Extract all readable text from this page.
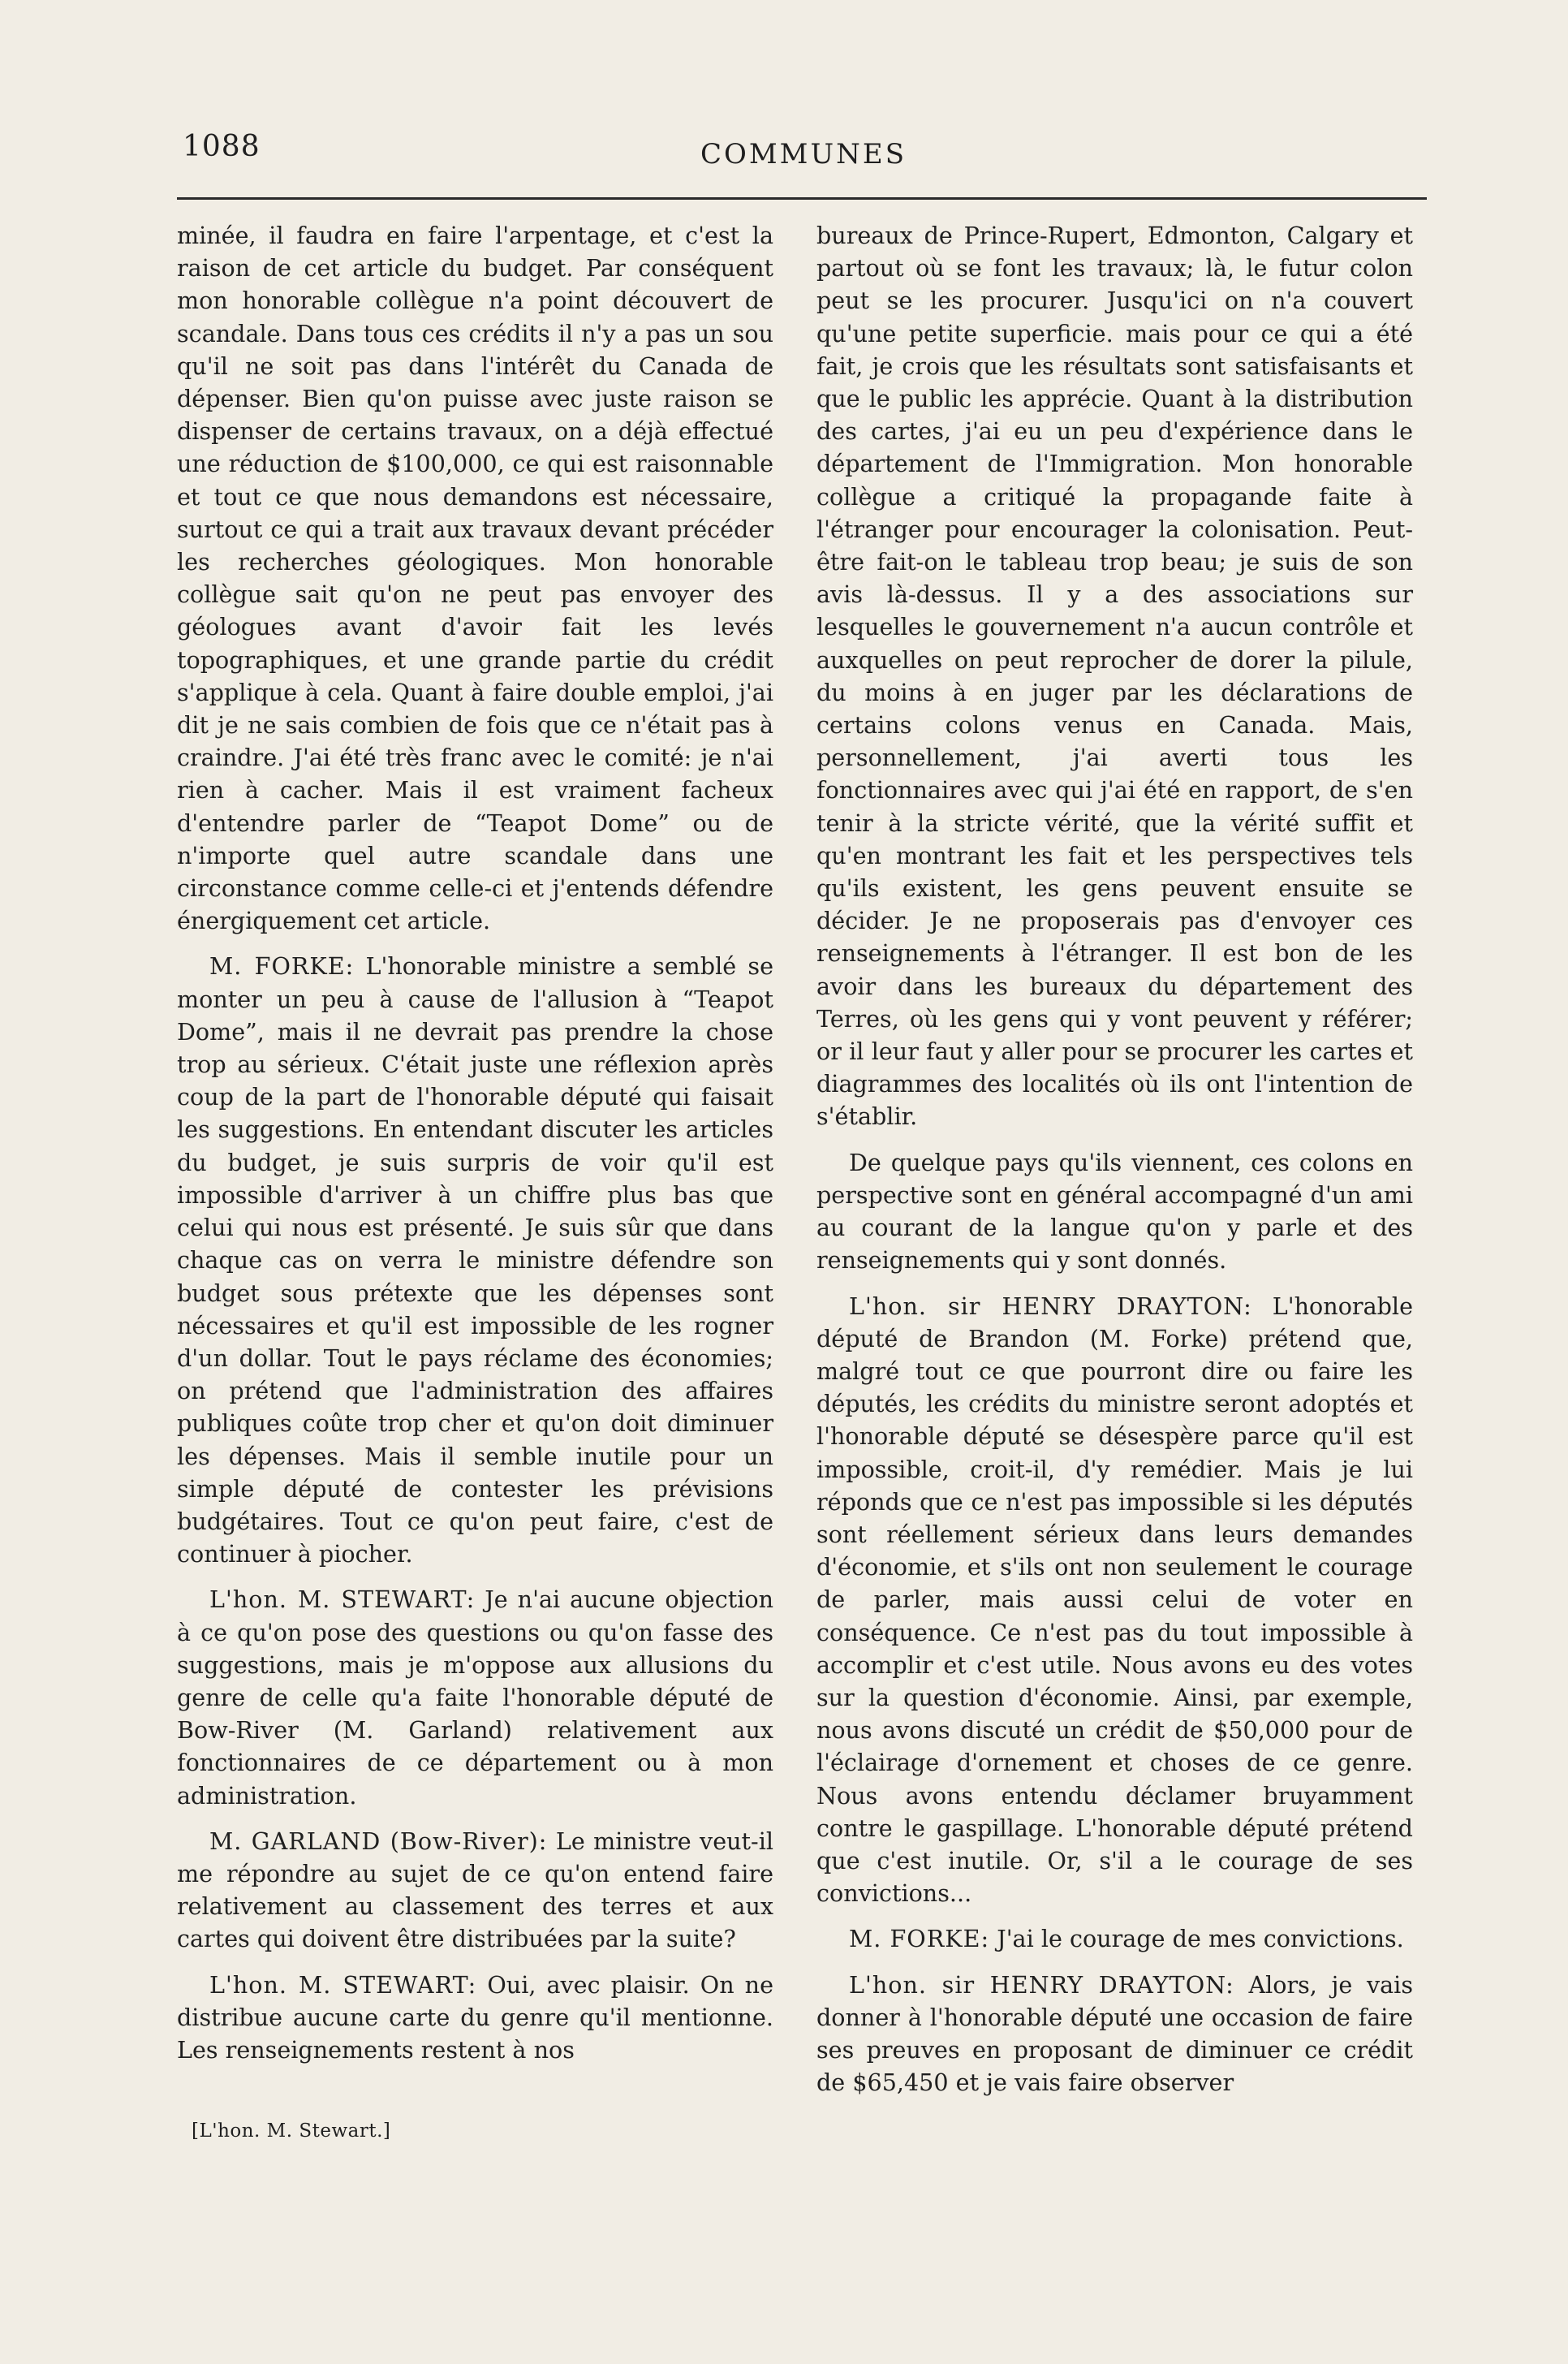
1088	COMMUNES

minée, il faudra en faire l'arpentage, et c'est la raison de cet article du budget. Par conséquent mon honorable collègue n'a point découvert de scandale. Dans tous ces crédits il n'y a pas un sou qu'il ne soit pas dans l'intérêt du Canada de dépenser. Bien qu'on puisse avec juste raison se dispenser de certains travaux, on a déjà effectué une réduction de $100,000, ce qui est raisonnable et tout ce que nous demandons est nécessaire, surtout ce qui a trait aux travaux devant précéder les recherches géologiques. Mon honorable collègue sait qu'on ne peut pas envoyer des géologues avant d'avoir fait les levés topographiques, et une grande partie du crédit s'applique à cela. Quant à faire double emploi, j'ai dit je ne sais combien de fois que ce n'était pas à craindre. J'ai été très franc avec le comité: je n'ai rien à cacher. Mais il est vraiment facheux d'entendre parler de “Teapot Dome” ou de n'importe quel autre scandale dans une circonstance comme celle-ci et j'entends défendre énergiquement cet article.

M. FORKE: L'honorable ministre a semblé se monter un peu à cause de l'allusion à “Teapot Dome”, mais il ne devrait pas prendre la chose trop au sérieux. C'était juste une réflexion après coup de la part de l'honorable député qui faisait les suggestions. En entendant discuter les articles du budget, je suis surpris de voir qu'il est impossible d'arriver à un chiffre plus bas que celui qui nous est présenté. Je suis sûr que dans chaque cas on verra le ministre défendre son budget sous prétexte que les dépenses sont nécessaires et qu'il est impossible de les rogner d'un dollar. Tout le pays réclame des économies; on prétend que l'administration des affaires publiques coûte trop cher et qu'on doit diminuer les dépenses. Mais il semble inutile pour un simple député de contester les prévisions budgétaires. Tout ce qu'on peut faire, c'est de continuer à piocher.

L'hon. M. STEWART: Je n'ai aucune objection à ce qu'on pose des questions ou qu'on fasse des suggestions, mais je m'oppose aux allusions du genre de celle qu'a faite l'honorable député de Bow-River (M. Garland) relativement aux fonctionnaires de ce département ou à mon administration.

M. GARLAND (Bow-River): Le ministre veut-il me répondre au sujet de ce qu'on entend faire relativement au classement des terres et aux cartes qui doivent être distribuées par la suite?

L'hon. M. STEWART: Oui, avec plaisir. On ne distribue aucune carte du genre qu'il mentionne. Les renseignements restent à nos

bureaux de Prince-Rupert, Edmonton, Calgary et partout où se font les travaux; là, le futur colon peut se les procurer. Jusqu'ici on n'a couvert qu'une petite superficie. mais pour ce qui a été fait, je crois que les résultats sont satisfaisants et que le public les apprécie. Quant à la distribution des cartes, j'ai eu un peu d'expérience dans le département de l'Immigration. Mon honorable collègue a critiqué la propagande faite à l'étranger pour encourager la colonisation. Peut-être fait-on le tableau trop beau; je suis de son avis là-dessus. Il y a des associations sur lesquelles le gouvernement n'a aucun contrôle et auxquelles on peut reprocher de dorer la pilule, du moins à en juger par les déclarations de certains colons venus en Canada. Mais, personnellement, j'ai averti tous les fonctionnaires avec qui j'ai été en rapport, de s'en tenir à la stricte vérité, que la vérité suffit et qu'en montrant les fait et les perspectives tels qu'ils existent, les gens peuvent ensuite se décider. Je ne proposerais pas d'envoyer ces renseignements à l'étranger. Il est bon de les avoir dans les bureaux du département des Terres, où les gens qui y vont peuvent y référer; or il leur faut y aller pour se procurer les cartes et diagrammes des localités où ils ont l'intention de s'établir.

De quelque pays qu'ils viennent, ces colons en perspective sont en général accompagné d'un ami au courant de la langue qu'on y parle et des renseignements qui y sont donnés.

L'hon. sir HENRY DRAYTON: L'honorable député de Brandon (M. Forke) prétend que, malgré tout ce que pourront dire ou faire les députés, les crédits du ministre seront adoptés et l'honorable député se désespère parce qu'il est impossible, croit-il, d'y remédier. Mais je lui réponds que ce n'est pas impossible si les députés sont réellement sérieux dans leurs demandes d'économie, et s'ils ont non seulement le courage de parler, mais aussi celui de voter en conséquence. Ce n'est pas du tout impossible à accomplir et c'est utile. Nous avons eu des votes sur la question d'économie. Ainsi, par exemple, nous avons discuté un crédit de $50,000 pour de l'éclairage d'ornement et choses de ce genre. Nous avons entendu déclamer bruyamment contre le gaspillage. L'honorable député prétend que c'est inutile. Or, s'il a le courage de ses convictions...

M. FORKE: J'ai le courage de mes convictions.

L'hon. sir HENRY DRAYTON: Alors, je vais donner à l'honorable député une occasion de faire ses preuves en proposant de diminuer ce crédit de $65,450 et je vais faire observer

[L'hon. M. Stewart.]
